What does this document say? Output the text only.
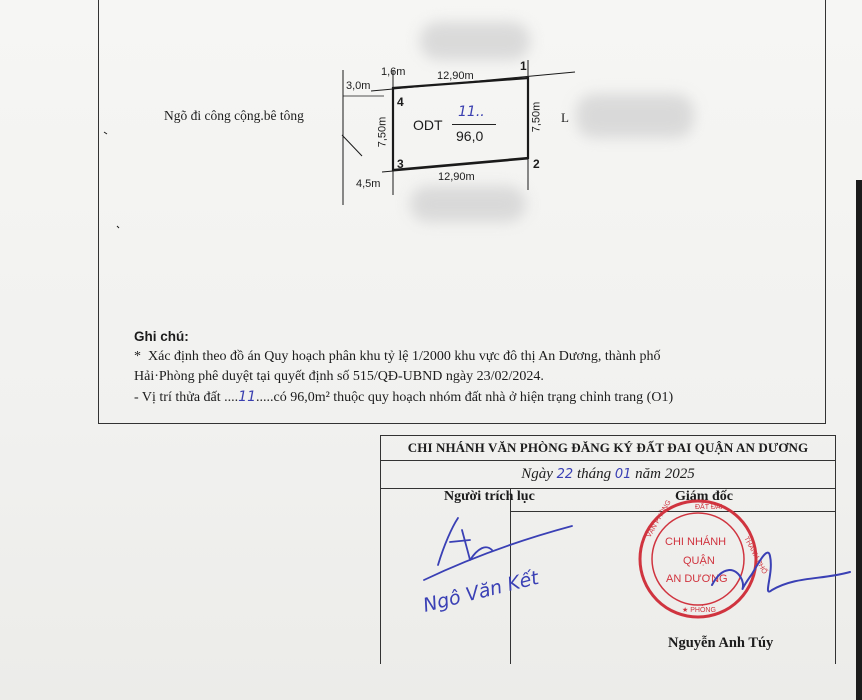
3,0m
1,6m	12,90m
12,90m
4,5m
7,50m	7,50m
1
2
3
4
Ngõ đi công cộng.bê tông
ODT
11..
96,0
L

Ghi chú:

* Xác định theo đồ án Quy hoạch phân khu tỷ lệ 1/2000 khu vực đô thị An Dương, thành phố

Hải·Phòng phê duyệt tại quyết định số 515/QĐ-UBND ngày 23/02/2024.

- Vị trí thửa đất ....11.....có 96,0m² thuộc quy hoạch nhóm đất nhà ở hiện trạng chỉnh trang (O1)

CHI NHÁNH VĂN PHÒNG ĐĂNG KÝ ĐẤT ĐAI QUẬN AN DƯƠNG
Ngày 22 tháng 01 năm 2025
Người trích lục	Giám đốc
Ngô Văn Kết
CHI NHÁNH
QUẬN
AN DƯƠNG
VĂN PHÒNG	ĐẤT ĐAI
THÀNH PHỐ
★ PHÒNG
Nguyễn Anh Túy
